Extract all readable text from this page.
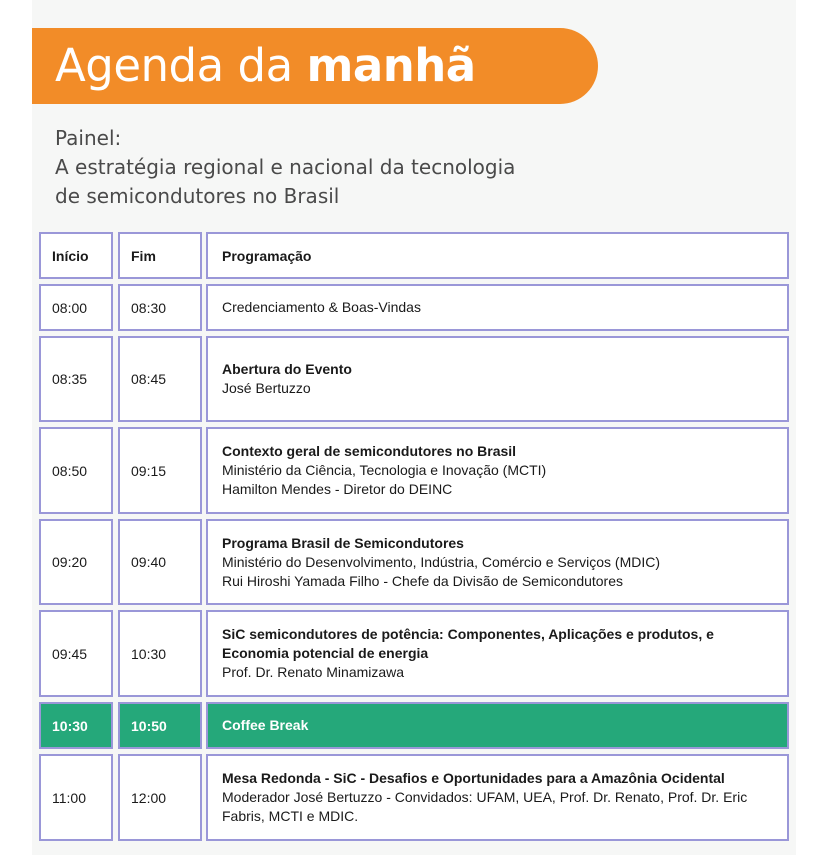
Agenda da manhã
Painel:
A estratégia regional e nacional da tecnologia
de semicondutores no Brasil
Início	Fim	Programação
08:00	08:30	Credenciamento & Boas-Vindas
08:35	08:45
Abertura do Evento
José Bertuzzo
08:50	09:15
Contexto geral de semicondutores no Brasil
Ministério da Ciência, Tecnologia e Inovação (MCTI)
Hamilton Mendes - Diretor do DEINC
09:20	09:40
Programa Brasil de Semicondutores
Ministério do Desenvolvimento, Indústria, Comércio e Serviços (MDIC)
Rui Hiroshi Yamada Filho - Chefe da Divisão de Semicondutores
09:45	10:30
SiC semicondutores de potência: Componentes, Aplicações e produtos, e
Economia potencial de energia
Prof. Dr. Renato Minamizawa
10:30	10:50	Coffee Break
11:00	12:00
Mesa Redonda - SiC - Desafios e Oportunidades para a Amazônia Ocidental
Moderador José Bertuzzo - Convidados: UFAM, UEA, Prof. Dr. Renato, Prof. Dr. Eric
Fabris, MCTI e MDIC.
